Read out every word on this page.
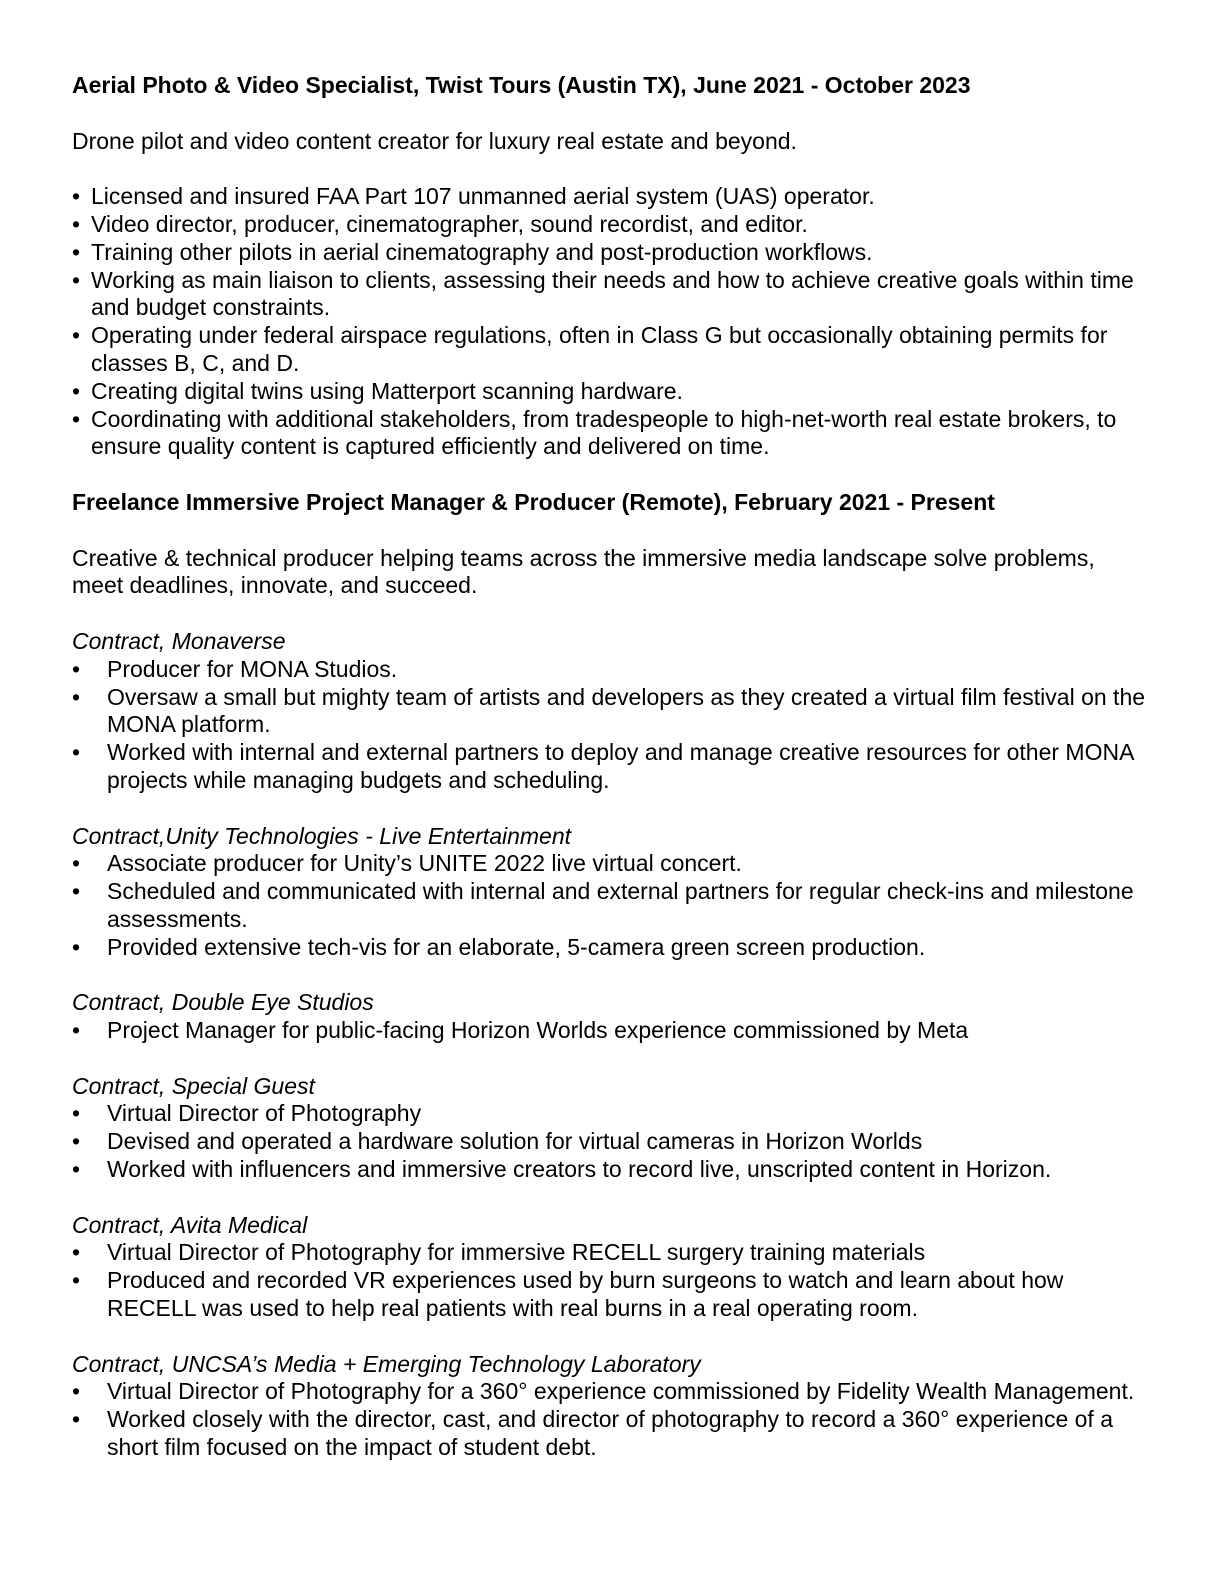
Aerial Photo & Video Specialist, Twist Tours (Austin TX), June 2021 - October 2023

Drone pilot and video content creator for luxury real estate and beyond.

• Licensed and insured FAA Part 107 unmanned aerial system (UAS) operator.
• Video director, producer, cinematographer, sound recordist, and editor.
• Training other pilots in aerial cinematography and post-production workflows.
• Working as main liaison to clients, assessing their needs and how to achieve creative goals within time and budget constraints.
• Operating under federal airspace regulations, often in Class G but occasionally obtaining permits for classes B, C, and D.
• Creating digital twins using Matterport scanning hardware.
• Coordinating with additional stakeholders, from tradespeople to high-net-worth real estate brokers, to ensure quality content is captured efficiently and delivered on time.

Freelance Immersive Project Manager & Producer (Remote), February 2021 - Present

Creative & technical producer helping teams across the immersive media landscape solve problems, meet deadlines, innovate, and succeed.

Contract, Monaverse

• Producer for MONA Studios.
• Oversaw a small but mighty team of artists and developers as they created a virtual film festival on the MONA platform.
• Worked with internal and external partners to deploy and manage creative resources for other MONA projects while managing budgets and scheduling.

Contract,Unity Technologies - Live Entertainment

• Associate producer for Unity’s UNITE 2022 live virtual concert.
• Scheduled and communicated with internal and external partners for regular check-ins and milestone assessments.
• Provided extensive tech-vis for an elaborate, 5-camera green screen production.

Contract, Double Eye Studios

• Project Manager for public-facing Horizon Worlds experience commissioned by Meta

Contract, Special Guest

• Virtual Director of Photography
• Devised and operated a hardware solution for virtual cameras in Horizon Worlds
• Worked with influencers and immersive creators to record live, unscripted content in Horizon.

Contract, Avita Medical

• Virtual Director of Photography for immersive RECELL surgery training materials
• Produced and recorded VR experiences used by burn surgeons to watch and learn about how RECELL was used to help real patients with real burns in a real operating room.

Contract, UNCSA’s Media + Emerging Technology Laboratory

• Virtual Director of Photography for a 360° experience commissioned by Fidelity Wealth Management.
• Worked closely with the director, cast, and director of photography to record a 360° experience of a short film focused on the impact of student debt.
